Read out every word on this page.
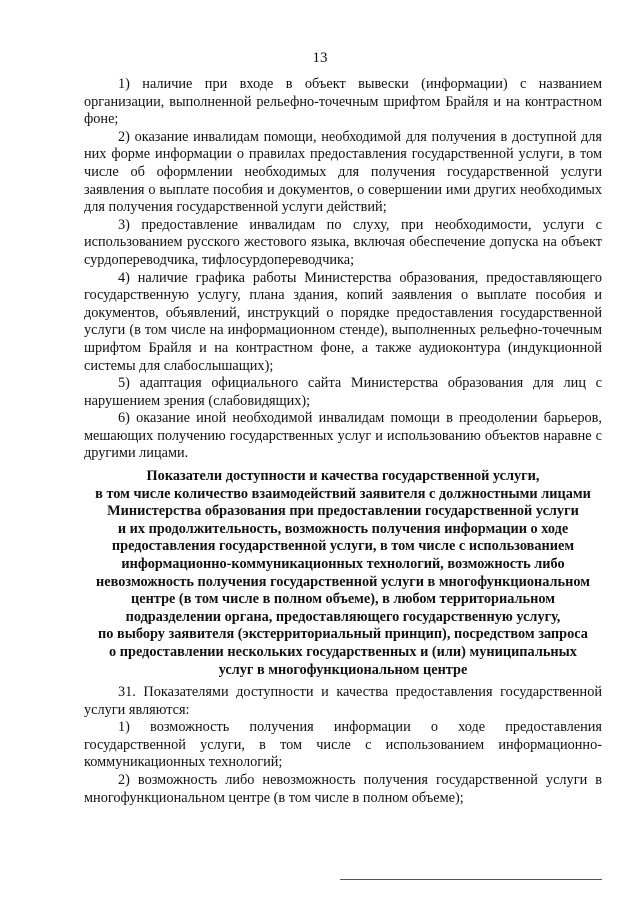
13

1) наличие при входе в объект вывески (информации) с названием организации, выполненной рельефно-точечным шрифтом Брайля и на контрастном фоне;

2) оказание инвалидам помощи, необходимой для получения в доступной для них форме информации о правилах предоставления государственной услуги, в том числе об оформлении необходимых для получения государственной услуги заявления о выплате пособия и документов, о совершении ими других необходимых для получения государственной услуги действий;

3) предоставление инвалидам по слуху, при необходимости, услуги с использованием русского жестового языка, включая обеспечение допуска на объект сурдопереводчика, тифлосурдопереводчика;

4) наличие графика работы Министерства образования, предоставляющего государственную услугу, плана здания, копий заявления о выплате пособия и документов, объявлений, инструкций о порядке предоставления государственной услуги (в том числе на информационном стенде), выполненных рельефно-точечным шрифтом Брайля и на контрастном фоне, а также аудиоконтура (индукционной системы для слабослышащих);

5) адаптация официального сайта Министерства образования для лиц с нарушением зрения (слабовидящих);

6) оказание иной необходимой инвалидам помощи в преодолении барьеров, мешающих получению государственных услуг и использованию объектов наравне с другими лицами.

Показатели доступности и качества государственной услуги,
в том числе количество взаимодействий заявителя с должностными лицами
Министерства образования при предоставлении государственной услуги
и их продолжительность, возможность получения информации о ходе
предоставления государственной услуги, в том числе с использованием
информационно-коммуникационных технологий, возможность либо
невозможность получения государственной услуги в многофункциональном
центре (в том числе в полном объеме), в любом территориальном
подразделении органа, предоставляющего государственную услугу,
по выбору заявителя (экстерриториальный принцип), посредством запроса
о предоставлении нескольких государственных и (или) муниципальных
услуг в многофункциональном центре

31. Показателями доступности и качества предоставления государственной услуги являются:

1) возможность получения информации о ходе предоставления государственной услуги, в том числе с использованием информационно-коммуникационных технологий;

2) возможность либо невозможность получения государственной услуги в многофункциональном центре (в том числе в полном объеме);
